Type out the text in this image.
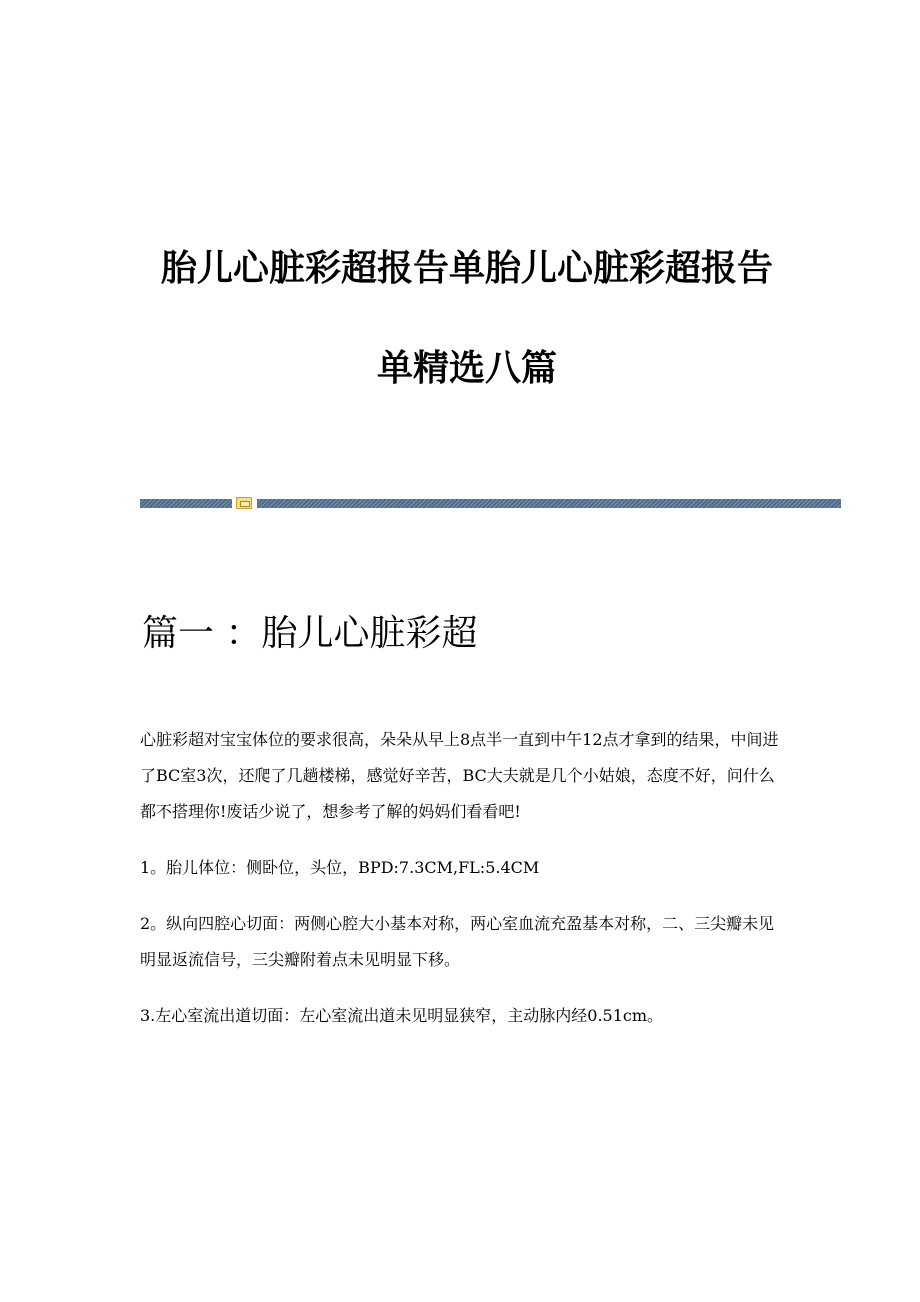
胎儿心脏彩超报告单胎儿心脏彩超报告
单精选八篇
篇一 ：胎儿心脏彩超

心脏彩超对宝宝体位的要求很高，朵朵从早上8点半一直到中午12点才拿到的结果，中间进了BC室3次，还爬了几趟楼梯，感觉好辛苦，BC大夫就是几个小姑娘，态度不好，问什么都不搭理你!废话少说了，想参考了解的妈妈们看看吧!

1。胎儿体位：侧卧位，头位，BPD:7.3CM,FL:5.4CM

2。纵向四腔心切面：两侧心腔大小基本对称，两心室血流充盈基本对称，二、三尖瓣未见明显返流信号，三尖瓣附着点未见明显下移。

3.左心室流出道切面：左心室流出道未见明显狭窄，主动脉内经0.51cm。
